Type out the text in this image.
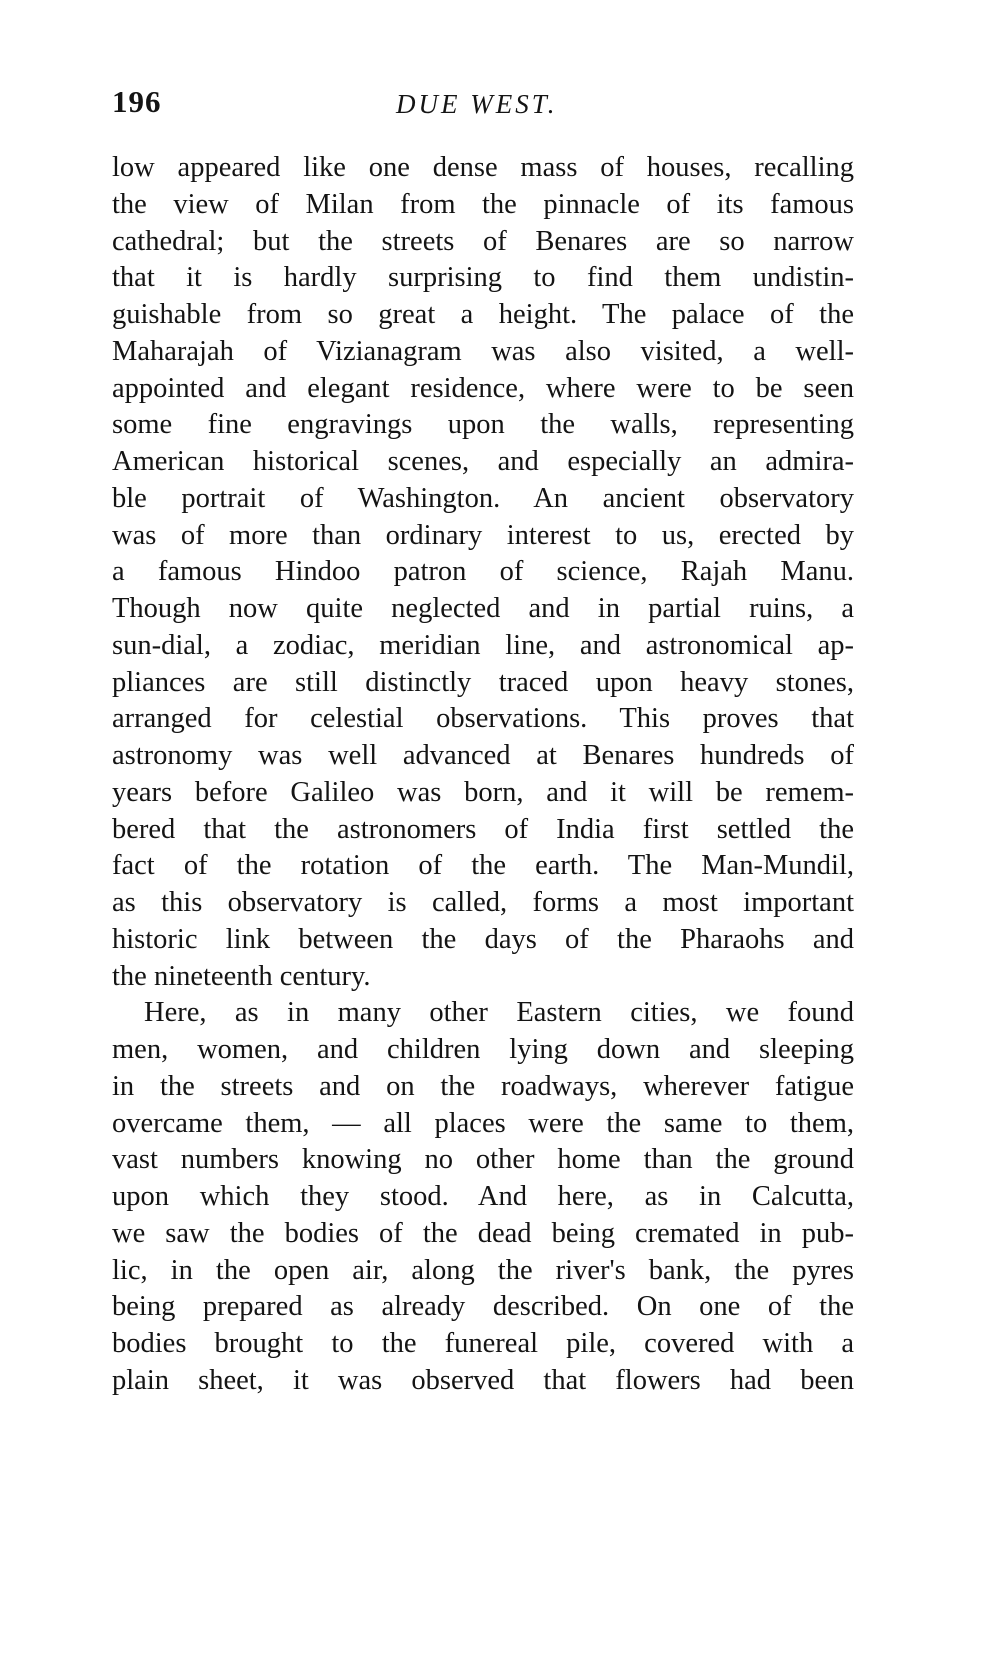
196	DUE WEST.
low appeared like one dense mass of houses, recalling
the view of Milan from the pinnacle of its famous
cathedral; but the streets of Benares are so narrow
that it is hardly surprising to find them undistin-
guishable from so great a height. The palace of the
Maharajah of Vizianagram was also visited, a well-
appointed and elegant residence, where were to be seen
some fine engravings upon the walls, representing
American historical scenes, and especially an admira-
ble portrait of Washington. An ancient observatory
was of more than ordinary interest to us, erected by
a famous Hindoo patron of science, Rajah Manu.
Though now quite neglected and in partial ruins, a
sun-dial, a zodiac, meridian line, and astronomical ap-
pliances are still distinctly traced upon heavy stones,
arranged for celestial observations. This proves that
astronomy was well advanced at Benares hundreds of
years before Galileo was born, and it will be remem-
bered that the astronomers of India first settled the
fact of the rotation of the earth. The Man-Mundil,
as this observatory is called, forms a most important
historic link between the days of the Pharaohs and
the nineteenth century.
Here, as in many other Eastern cities, we found
men, women, and children lying down and sleeping
in the streets and on the roadways, wherever fatigue
overcame them, — all places were the same to them,
vast numbers knowing no other home than the ground
upon which they stood. And here, as in Calcutta,
we saw the bodies of the dead being cremated in pub-
lic, in the open air, along the river's bank, the pyres
being prepared as already described. On one of the
bodies brought to the funereal pile, covered with a
plain sheet, it was observed that flowers had been
